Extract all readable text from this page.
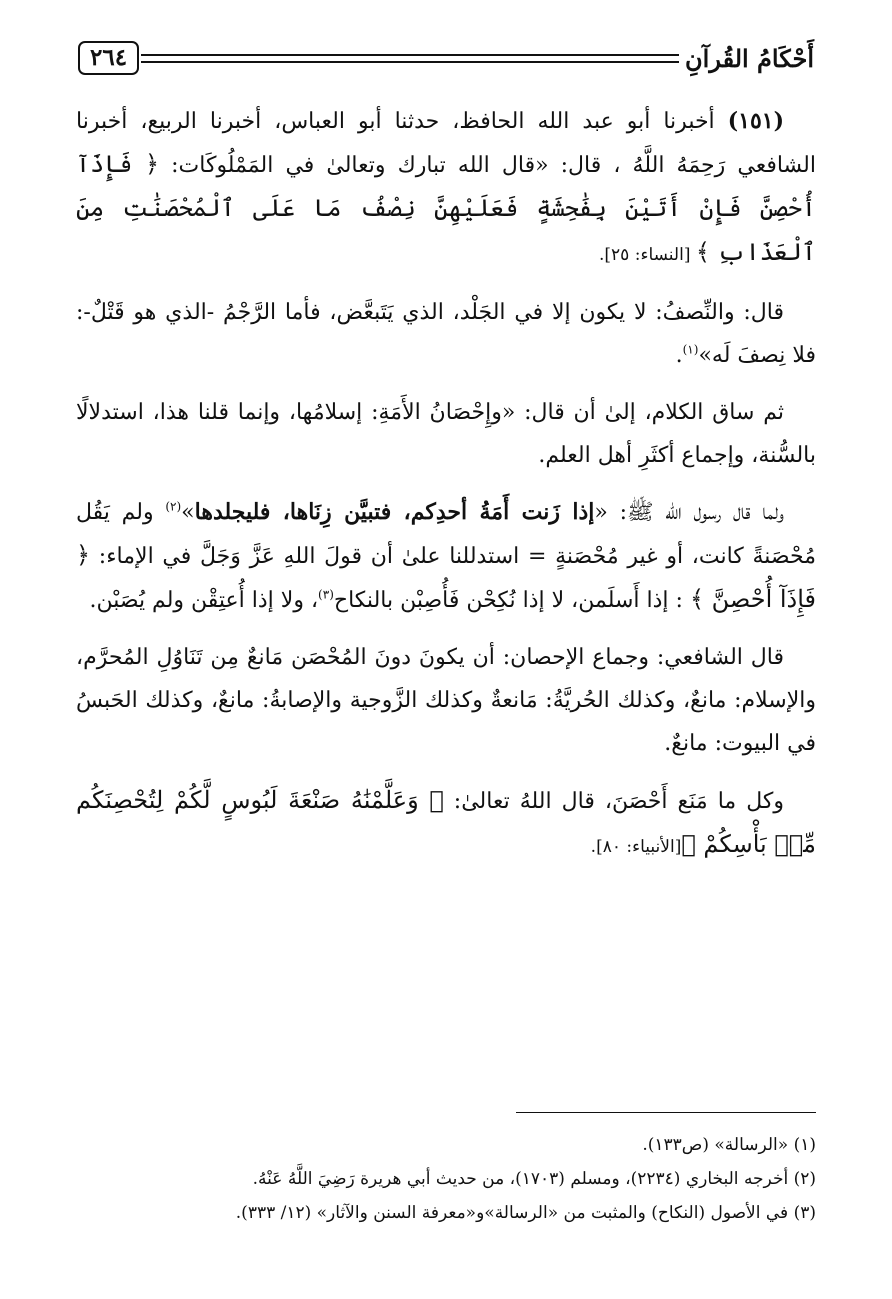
أَحْكَامُ القُرآنِ
٢٦٤

(١٥١) أخبرنا أبو عبد الله الحافظ، حدثنا أبو العباس، أخبرنا الربيع، أخبرنا الشافعي رَحِمَهُ اللَّهُ ، قال: «قال الله تبارك وتعالىٰ في المَمْلُوكَات: ﴿ فَإِذَآ أُحْصِنَّ فَإِنْ أَتَيْنَ بِفَٰحِشَةٍ فَعَلَيْهِنَّ نِصْفُ مَا عَلَى ٱلْمُحْصَنَٰتِ مِنَ ٱلْعَذَابِ ﴾ [النساء: ٢٥].

قال: والنِّصفُ: لا يكون إلا في الجَلْد، الذي يَتَبعَّض، فأما الرَّجْمُ -الذي هو قَتْلٌ-: فلا نِصفَ لَه»$^{(١)}$.

ثم ساق الكلام، إلىٰ أن قال: «وإِحْصَانُ الأَمَةِ: إسلامُها، وإنما قلنا هذا، استدلالًا بالسُّنة، وإجماع أكثَرِ أهل العلم.

ولما قال رسول الله ﷺ: «إذا زَنت أَمَةُ أحدِكم، فتبيَّن زِنَاها، فليجلدها»$^{(٢)}$ ولم يَقُل مُحْصَنةً كانت، أو غير مُحْصَنةٍ = استدللنا علىٰ أن قولَ اللهِ عَزَّ وَجَلَّ في الإماء: ﴿ فَإِذَآ أُحْصِنَّ ﴾ : إذا أَسلَمن، لا إذا نُكِحْن فَأُصِبْن بالنكاح$^{(٣)}$، ولا إذا أُعتِقْن ولم يُصَبْن.

قال الشافعي: وجماع الإحصان: أن يكونَ دونَ المُحْصَن مَانعٌ مِن تَنَاوُلِ المُحرَّم، والإسلام: مانعٌ، وكذلك الحُريَّةُ: مَانعةٌ وكذلك الزَّوجية والإصابةُ: مانعٌ، وكذلك الحَبسُ في البيوت: مانعٌ.

وكل ما مَنَع أَحْصَنَ، قال اللهُ تعالىٰ: ﴿ وَعَلَّمْنَٰهُ صَنْعَةَ لَبُوسٍ لَّكُمْ لِتُحْصِنَكُم مِّنۢ بَأْسِكُمْ ﴾[الأنبياء: ٨٠].

(١) «الرسالة» (ص١٣٣).
(٢) أخرجه البخاري (٢٢٣٤)، ومسلم (١٧٠٣)، من حديث أبي هريرة رَضِيَ اللَّهُ عَنْهُ.
(٣) في الأصول (النكاح) والمثبت من «الرسالة»و«معرفة السنن والآثار» (١٢/ ٣٣٣).
